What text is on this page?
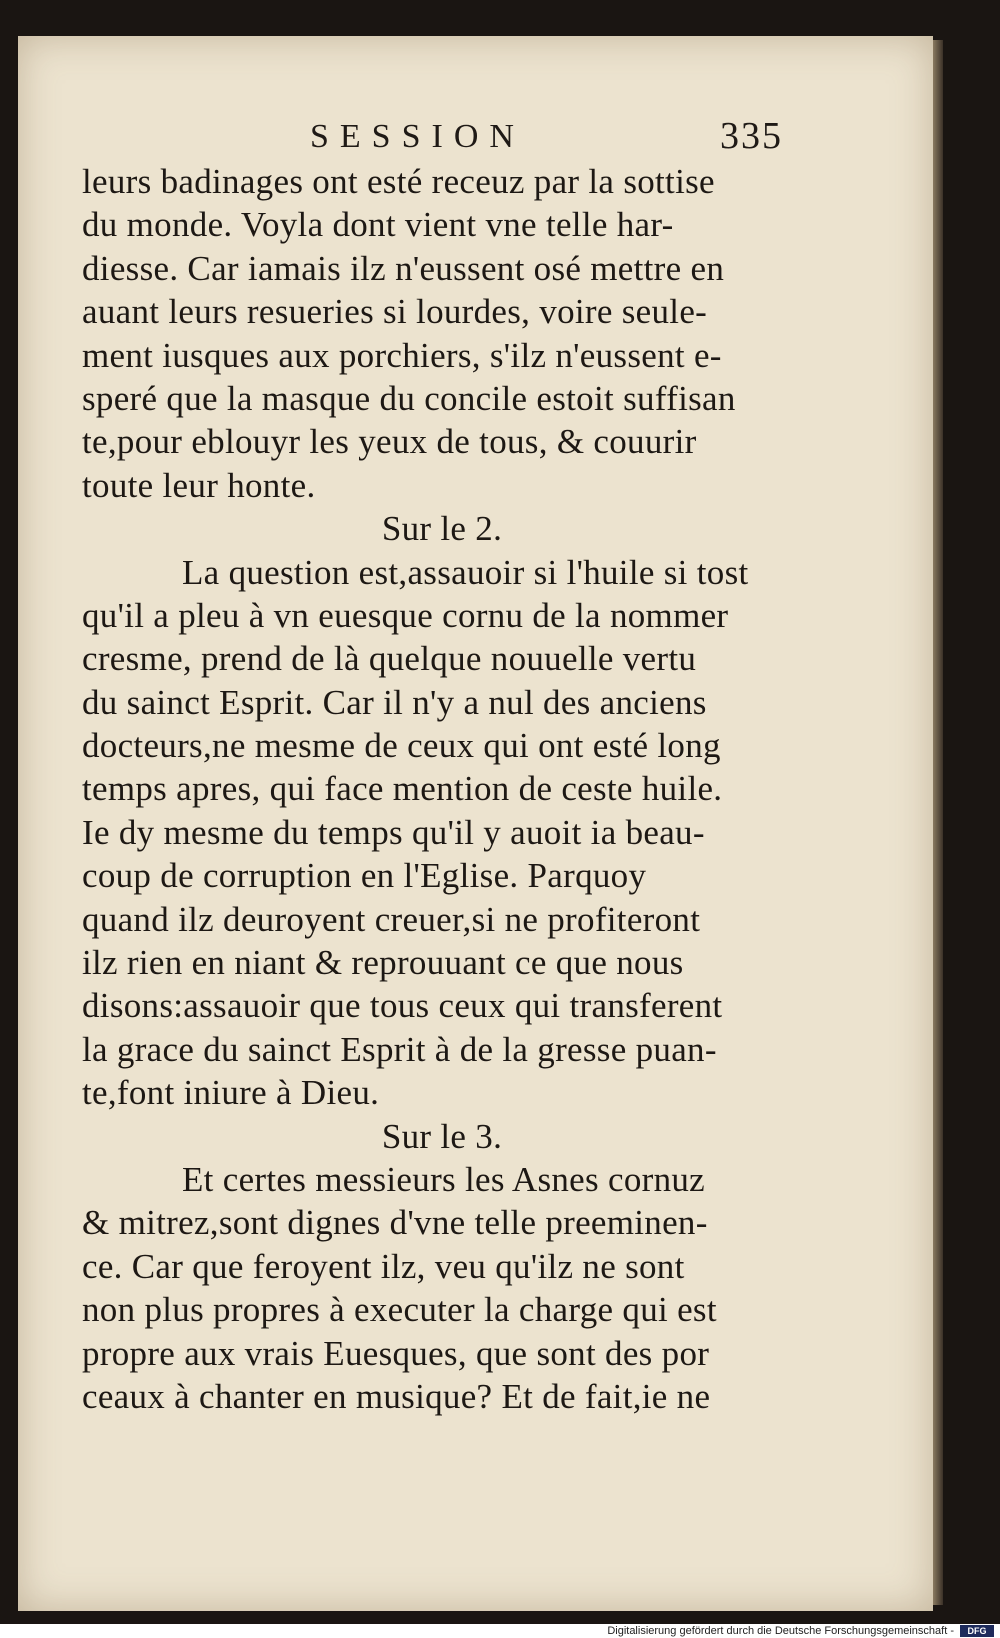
SESSION	335
leurs badinages ont esté receuz par la sottise
du monde. Voyla dont vient vne telle har-
diesse. Car iamais ilz n'eussent osé mettre en
auant leurs resueries si lourdes, voire seule-
ment iusques aux porchiers, s'ilz n'eussent e-
speré que la masque du concile estoit suffisan
te,pour eblouyr les yeux de tous, & couurir
toute leur honte.
Sur le 2.
La question est,assauoir si l'huile si tost
qu'il a pleu à vn euesque cornu de la nommer
cresme, prend de là quelque nouuelle vertu
du sainct Esprit. Car il n'y a nul des anciens
docteurs,ne mesme de ceux qui ont esté long
temps apres, qui face mention de ceste huile.
Ie dy mesme du temps qu'il y auoit ia beau-
coup de corruption en l'Eglise. Parquoy
quand ilz deuroyent creuer,si ne profiteront
ilz rien en niant & reprouuant ce que nous
disons:assauoir que tous ceux qui transferent
la grace du sainct Esprit à de la gresse puan-
te,font iniure à Dieu.
Sur le 3.
Et certes messieurs les Asnes cornuz
& mitrez,sont dignes d'vne telle preeminen-
ce. Car que feroyent ilz, veu qu'ilz ne sont
non plus propres à executer la charge qui est
propre aux vrais Euesques, que sont des por
ceaux à chanter en musique? Et de fait,ie ne
Digitalisierung gefördert durch die Deutsche Forschungsgemeinschaft -	DFG
